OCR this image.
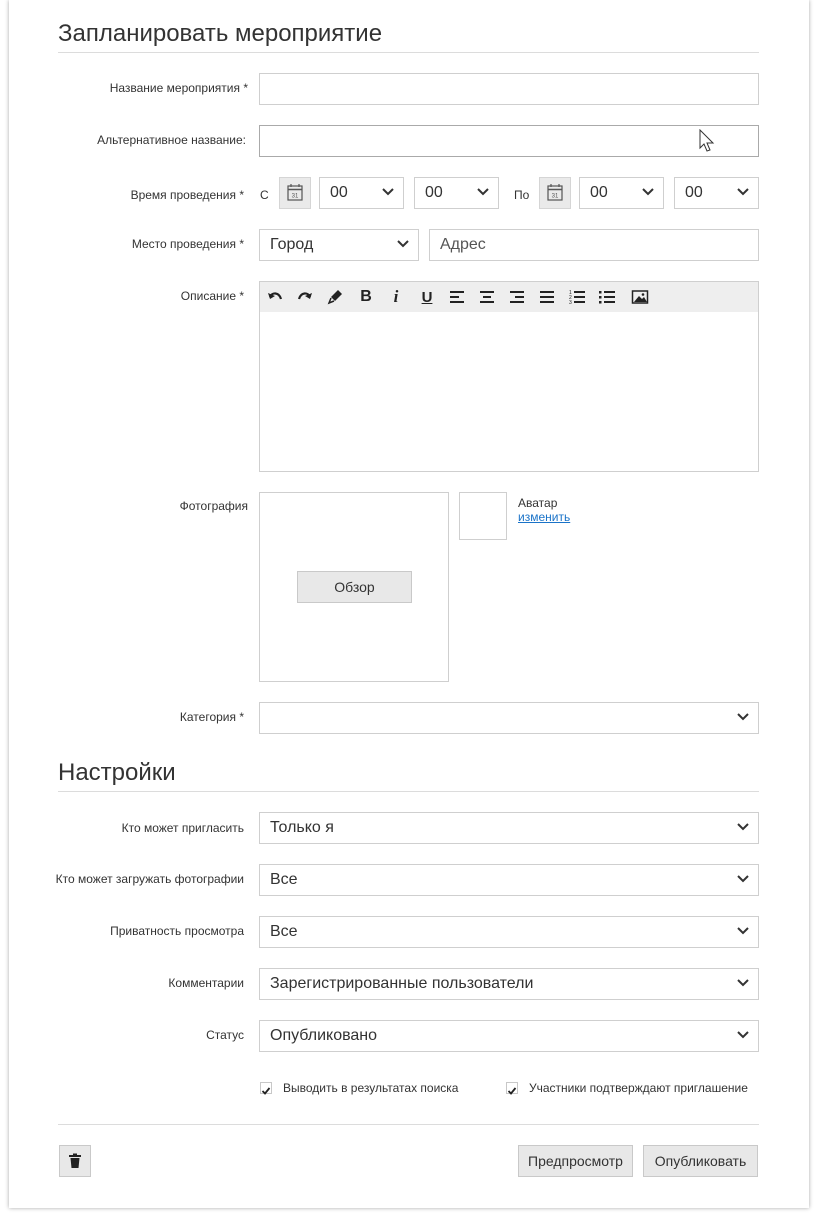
Запланировать мероприятие
Название мероприятия *
Альтернативное название:
Время проведения * С	31	00	00	По	31	00	00
Место проведения *	Город	Адрес
Описание *	B	i	U	1
2
3
Фотография
Обзор
Аватар
изменить
Категория *
Настройки
Кто может пригласить	Только я
Кто может загружать фотографии	Все
Приватность просмотра	Все
Комментарии	Зарегистрированные пользователи
Статус	Опубликовано
Выводить в результатах поиска	Участники подтверждают приглашение
Предпросмотр	Опубликовать
